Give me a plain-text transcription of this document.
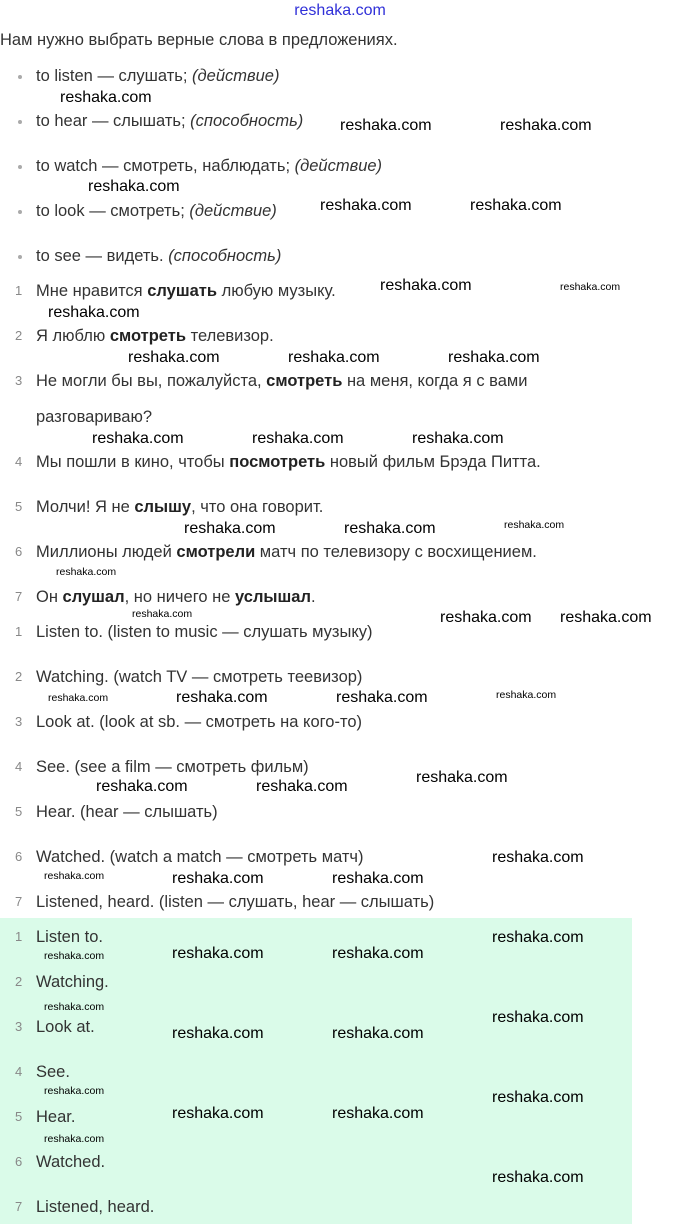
reshaka.com
Нам нужно выбрать верные слова в предложениях.
to listen — слушать; (действие)
to hear — слышать; (способность)
to watch — смотреть, наблюдать; (действие)
to look — смотреть; (действие)
to see — видеть. (способность)
1 Мне нравится слушать любую музыку.
2 Я люблю смотреть телевизор.
3 Не могли бы вы, пожалуйста, смотреть на меня, когда я с вами
разговариваю?
4 Мы пошли в кино, чтобы посмотреть новый фильм Брэда Питта.
5 Молчи! Я не слышу, что она говорит.
6 Миллионы людей смотрели матч по телевизору с восхищением.
7 Он слушал, но ничего не услышал.
1 Listen to. (listen to music — слушать музыку)
2 Watching. (watch TV — смотреть теевизор)
3 Look at. (look at sb. — смотреть на кого-то)
4 See. (see a film — смотреть фильм)
5 Hear. (hear — слышать)
6 Watched. (watch a match — смотреть матч)
7 Listened, heard. (listen — слушать, hear — слышать)
1 Listen to.
2 Watching.
3 Look at.
4 See.
5 Hear.
6 Watched.
7 Listened, heard.
reshaka.com
reshaka.com	reshaka.com
reshaka.com
reshaka.com	reshaka.com
reshaka.com
reshaka.com	reshaka.com
reshaka.com	reshaka.com	reshaka.com
reshaka.com	reshaka.com	reshaka.com
reshaka.com
reshaka.com	reshaka.com
reshaka.com
reshaka.com	reshaka.com reshaka.com
reshaka.com	reshaka.com	reshaka.com	reshaka.com
reshaka.com
reshaka.com	reshaka.com
reshaka.com
reshaka.com	reshaka.com	reshaka.com
reshaka.com
reshaka.com	reshaka.com	reshaka.com
reshaka.com
reshaka.com
reshaka.com	reshaka.com
reshaka.com	reshaka.com
reshaka.com	reshaka.com
reshaka.com
reshaka.com
